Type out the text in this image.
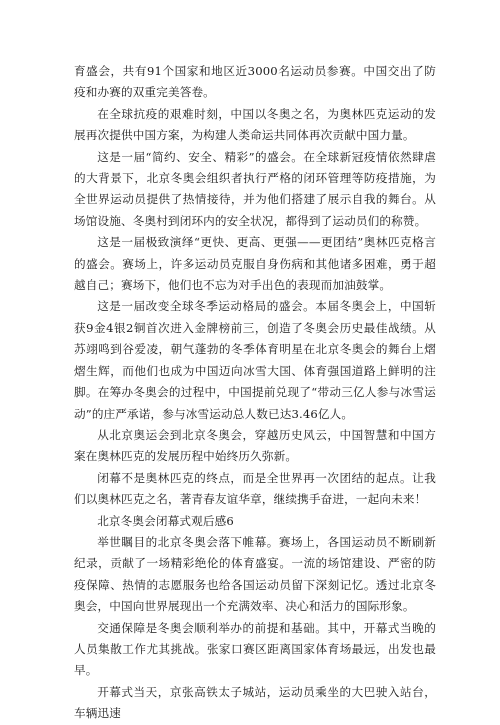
育盛会，共有91个国家和地区近3000名运动员参赛。中国交出了防疫和办赛的双重完美答卷。

在全球抗疫的艰难时刻，中国以冬奥之名，为奥林匹克运动的发展再次提供中国方案，为构建人类命运共同体再次贡献中国力量。

这是一届“简约、安全、精彩”的盛会。在全球新冠疫情依然肆虐的大背景下，北京冬奥会组织者执行严格的闭环管理等防疫措施，为全世界运动员提供了热情接待，并为他们搭建了展示自我的舞台。从场馆设施、冬奥村到闭环内的安全状况，都得到了运动员们的称赞。

这是一届极致演绎“更快、更高、更强——更团结”奥林匹克格言的盛会。赛场上，许多运动员克服自身伤病和其他诸多困难，勇于超越自己；赛场下，他们也不忘为对手出色的表现而加油鼓掌。

这是一届改变全球冬季运动格局的盛会。本届冬奥会上，中国斩获9金4银2铜首次进入金牌榜前三，创造了冬奥会历史最佳战绩。从苏翊鸣到谷爱凌，朝气蓬勃的冬季体育明星在北京冬奥会的舞台上熠熠生辉，而他们也成为中国迈向冰雪大国、体育强国道路上鲜明的注脚。在筹办冬奥会的过程中，中国提前兑现了“带动三亿人参与冰雪运动”的庄严承诺，参与冰雪运动总人数已达3.46亿人。

从北京奥运会到北京冬奥会，穿越历史风云，中国智慧和中国方案在奥林匹克的发展历程中始终历久弥新。

闭幕不是奥林匹克的终点，而是全世界再一次团结的起点。让我们以奥林匹克之名，著青春友谊华章，继续携手奋进，一起向未来！

北京冬奥会闭幕式观后感6

举世瞩目的北京冬奥会落下帷幕。赛场上，各国运动员不断刷新纪录，贡献了一场精彩绝伦的体育盛宴。一流的场馆建设、严密的防疫保障、热情的志愿服务也给各国运动员留下深刻记忆。透过北京冬奥会，中国向世界展现出一个充满效率、决心和活力的国际形象。

交通保障是冬奥会顺利举办的前提和基础。其中，开幕式当晚的人员集散工作尤其挑战。张家口赛区距离国家体育场最远，出发也最早。

开幕式当天，京张高铁太子城站，运动员乘坐的大巴驶入站台，车辆迅速
